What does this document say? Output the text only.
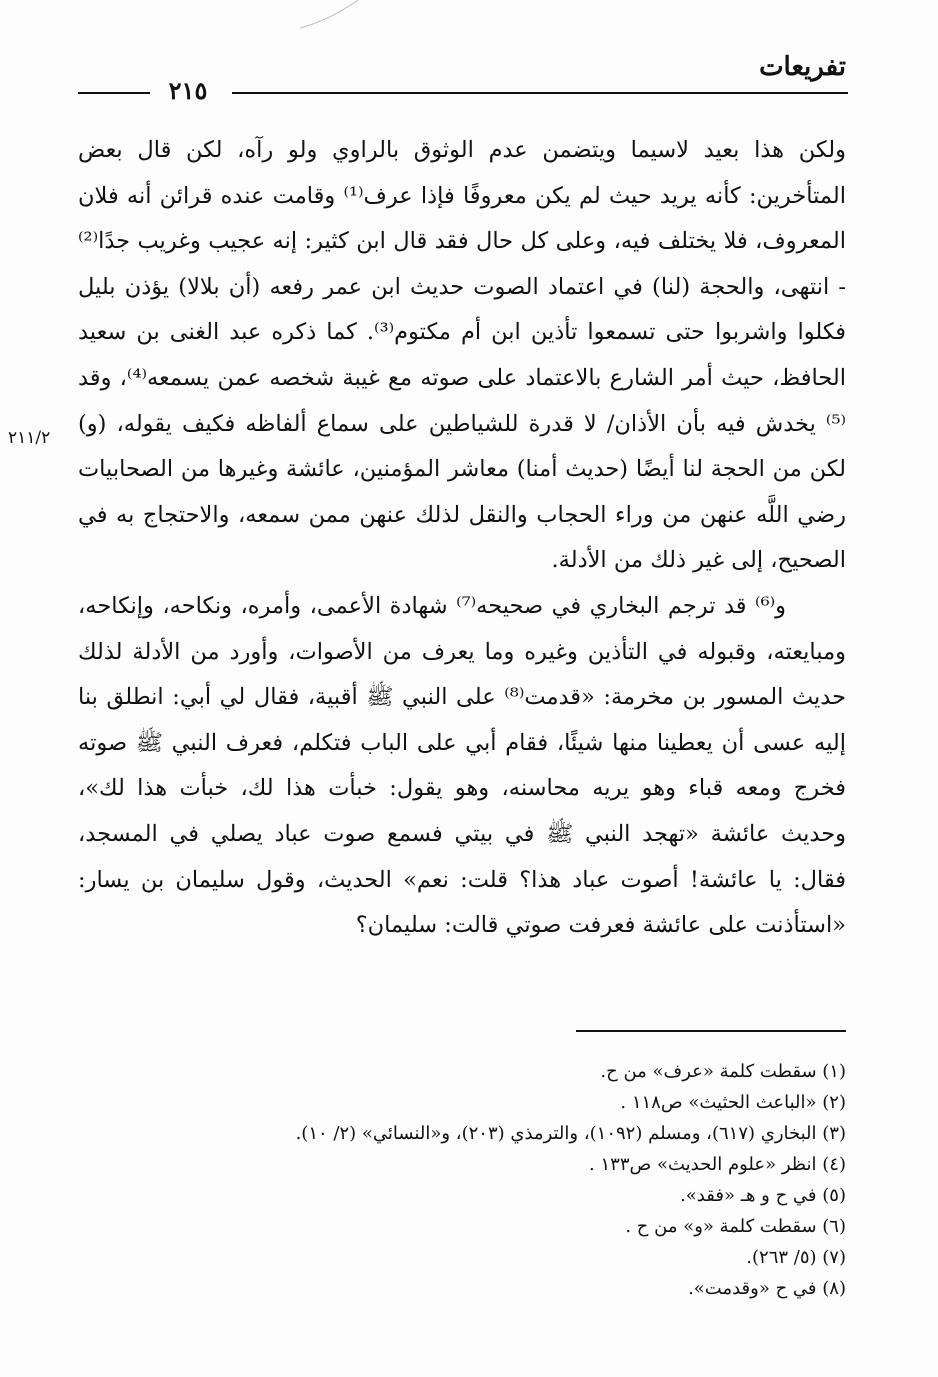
تفريعات
٢١٥
٢١١/٢

ولكن هذا بعيد لاسيما ويتضمن عدم الوثوق بالراوي ولو رآه، لكن قال بعض المتأخرين: كأنه يريد حيث لم يكن معروفًا فإذا عرف⁽¹⁾ وقامت عنده قرائن أنه فلان المعروف، فلا يختلف فيه، وعلى كل حال فقد قال ابن كثير: إنه عجيب وغريب جدًا⁽²⁾ - انتهى، والحجة (لنا) في اعتماد الصوت حديث ابن عمر رفعه (أن بلالا) يؤذن بليل فكلوا واشربوا حتى تسمعوا تأذين ابن أم مكتوم⁽³⁾. كما ذكره عبد الغنى بن سعيد الحافظ، حيث أمر الشارع بالاعتماد على صوته مع غيبة شخصه عمن يسمعه⁽⁴⁾، وقد ⁽⁵⁾ يخدش فيه بأن الأذان/ لا قدرة للشياطين على سماع ألفاظه فكيف يقوله، (و) لكن من الحجة لنا أيضًا (حديث أمنا) معاشر المؤمنين، عائشة وغيرها من الصحابيات رضي اللَّه عنهن من وراء الحجاب والنقل لذلك عنهن ممن سمعه، والاحتجاج به في الصحيح، إلى غير ذلك من الأدلة.

و⁽⁶⁾ قد ترجم البخاري في صحيحه⁽⁷⁾ شهادة الأعمى، وأمره، ونكاحه، وإنكاحه، ومبايعته، وقبوله في التأذين وغيره وما يعرف من الأصوات، وأورد من الأدلة لذلك حديث المسور بن مخرمة: «قدمت⁽⁸⁾ على النبي ﷺ أقبية، فقال لي أبي: انطلق بنا إليه عسى أن يعطينا منها شيئًا، فقام أبي على الباب فتكلم، فعرف النبي ﷺ صوته فخرج ومعه قباء وهو يريه محاسنه، وهو يقول: خبأت هذا لك، خبأت هذا لك»، وحديث عائشة «تهجد النبي ﷺ في بيتي فسمع صوت عباد يصلي في المسجد، فقال: يا عائشة! أصوت عباد هذا؟ قلت: نعم» الحديث، وقول سليمان بن يسار: «استأذنت على عائشة فعرفت صوتي قالت: سليمان؟

(١) سقطت كلمة «عرف» من ح.
(٢) «الباعث الحثيث» ص١١٨ .
(٣) البخاري (٦١٧)، ومسلم (١٠٩٢)، والترمذي (٢٠٣)، و«النسائي» (٢/ ١٠).
(٤) انظر «علوم الحديث» ص١٣٣ .
(٥) في ح و هـ «فقد».
(٦) سقطت كلمة «و» من ح .
(٧) (٥/ ٢٦٣).
(٨) في ح «وقدمت».
